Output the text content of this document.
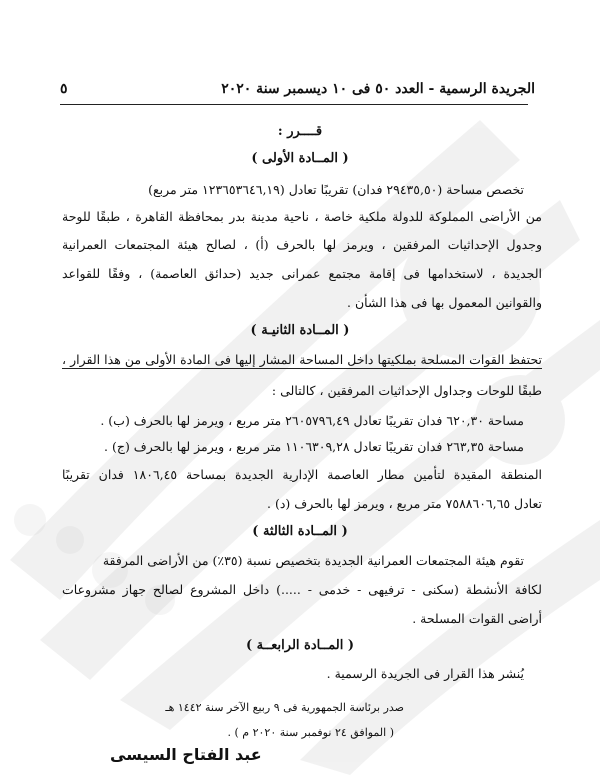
الجريدة الرسمية - العدد ٥٠ فى ١٠ ديسمبر سنة ٢٠٢٠
٥
قــــرر :
( المــادة الأولى )
تخصص مساحة (٢٩٤٣٥,٥٠ فدان) تقريبًا تعادل (١٢٣٦٥٣٦٤٦,١٩ متر مربع)
من الأراضى المملوكة للدولة ملكية خاصة ، ناحية مدينة بدر بمحافظة القاهرة ، طبقًا للوحة
وجدول الإحداثيات المرفقين ، ويرمز لها بالحرف (أ) ، لصالح هيئة المجتمعات العمرانية
الجديدة ، لاستخدامها فى إقامة مجتمع عمرانى جديد (حدائق العاصمة) ، وفقًا للقواعد
والقوانين المعمول بها فى هذا الشأن .
( المــادة الثانيـة )
تحتفظ القوات المسلحة بملكيتها داخل المساحة المشار إليها فى المادة الأولى من هذا القرار ،
طبقًا للوحات وجداول الإحداثيات المرفقين ، كالتالى :
مساحة ٦٢٠,٣٠ فدان تقريبًا تعادل ٢٦٠٥٧٩٦,٤٩ متر مربع ، ويرمز لها بالحرف (ب) .
مساحة ٢٦٣,٣٥ فدان تقريبًا تعادل ١١٠٦٣٠٩,٢٨ متر مربع ، ويرمز لها بالحرف (ج) .
المنطقة المقيدة لتأمين مطار العاصمة الإدارية الجديدة بمساحة ١٨٠٦,٤٥ فدان تقريبًا
تعادل ٧٥٨٨٦٠٦,٦٥ متر مربع ، ويرمز لها بالحرف (د) .
( المــادة الثالثة )
تقوم هيئة المجتمعات العمرانية الجديدة بتخصيص نسبة (٣٥٪) من الأراضى المرفقة
لكافة الأنشطة (سكنى - ترفيهى - خدمى - .....) داخل المشروع لصالح جهاز مشروعات
أراضى القوات المسلحة .
( المــادة الرابعــة )
يُنشر هذا القرار فى الجريدة الرسمية .
صدر برئاسة الجمهورية فى ٩ ربيع الآخر سنة ١٤٤٢ هـ
( الموافق ٢٤ نوفمبر سنة ٢٠٢٠ م ) .
عبد الفتاح السيسى
